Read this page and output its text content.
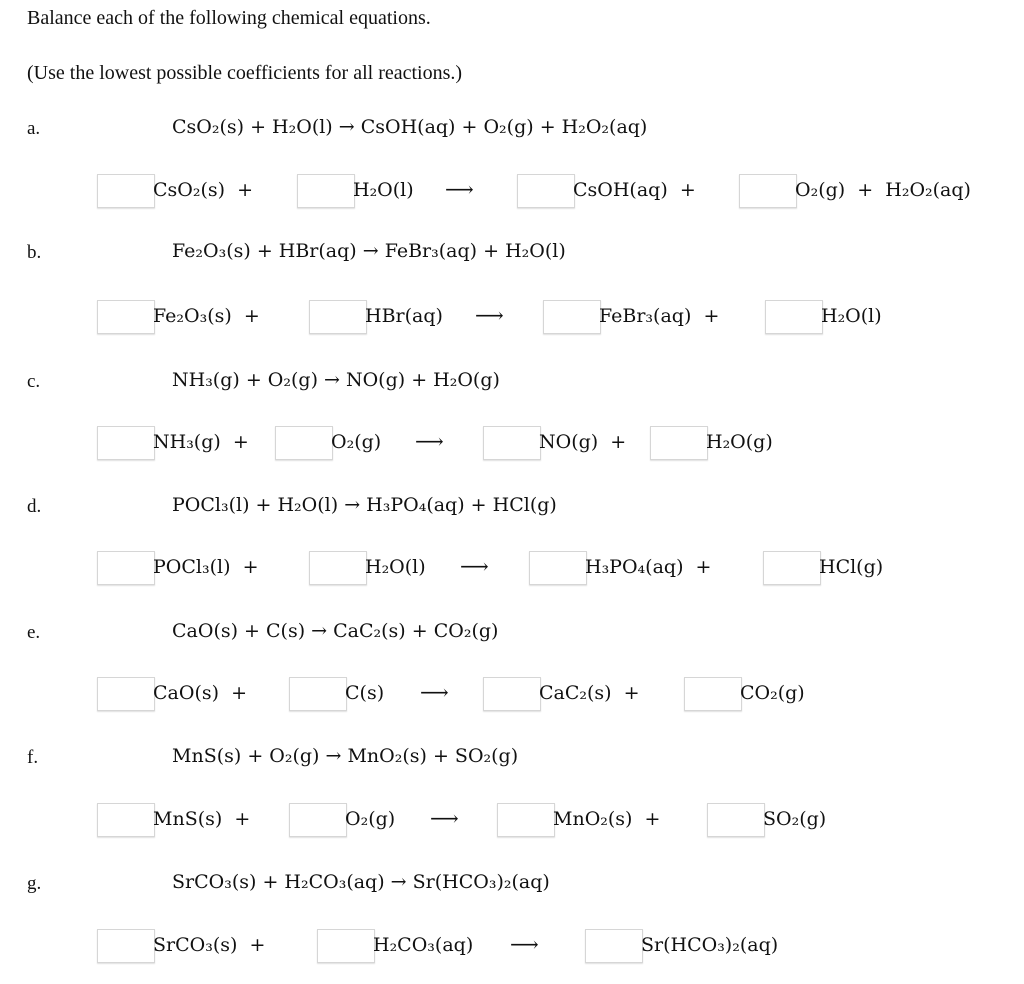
Balance each of the following chemical equations.
(Use the lowest possible coefficients for all reactions.)
a.	CsO₂(s) + H₂O(l) → CsOH(aq) + O₂(g) + H₂O₂(aq)
CsO₂(s)  +	H₂O(l)	CsOH(aq)  +	O₂(g)  +  H₂O₂(aq)
⟶
b.	Fe₂O₃(s) + HBr(aq) → FeBr₃(aq) + H₂O(l)
Fe₂O₃(s)  +	HBr(aq)	FeBr₃(aq)  +	H₂O(l)
⟶
c.	NH₃(g) + O₂(g) → NO(g) + H₂O(g)
NH₃(g)  +	O₂(g)	NO(g)  +	H₂O(g)
⟶
d.	POCl₃(l) + H₂O(l) → H₃PO₄(aq) + HCl(g)
POCl₃(l)  +	H₂O(l)	H₃PO₄(aq)  +	HCl(g)
⟶
e.	CaO(s) + C(s) → CaC₂(s) + CO₂(g)
CaO(s)  +	C(s)	CaC₂(s)  +	CO₂(g)
⟶
f.	MnS(s) + O₂(g) → MnO₂(s) + SO₂(g)
MnS(s)  +	O₂(g)	MnO₂(s)  +	SO₂(g)
⟶
g.	SrCO₃(s) + H₂CO₃(aq) → Sr(HCO₃)₂(aq)
SrCO₃(s)  +	H₂CO₃(aq)	Sr(HCO₃)₂(aq)
⟶
